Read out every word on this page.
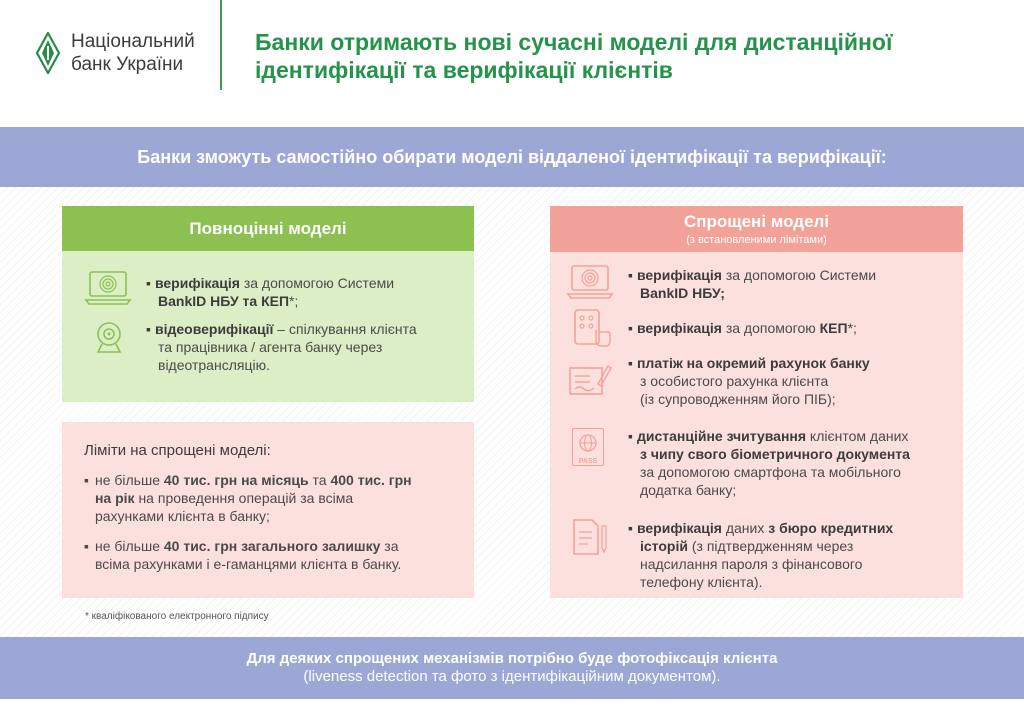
Національний
банк України
Банки отримають нові сучасні моделі для дистанційної
ідентифікації та верифікації клієнтів
Банки зможуть самостійно обирати моделі віддаленої ідентифікації та верифікації:
Повноцінні моделі
▪ верифікація за допомогою Системи
BankID НБУ та КЕП*;
▪ відеоверифікації – спілкування клієнта
та працівника / агента банку через
відеотрансляцію.
Ліміти на спрощені моделі:
▪ не більше 40 тис. грн на місяць та 400 тис. грн
на рік на проведення операцій за всіма
рахунками клієнта в банку;
▪ не більше 40 тис. грн загального залишку за
всіма рахунками і е-гаманцями клієнта в банку.
Спрощені моделі
(з встановленими лімітами)
▪ верифікація за допомогою Системи
BankID НБУ;
▪ верифікація за допомогою КЕП*;
▪ платіж на окремий рахунок банку
з особистого рахунка клієнта
(із супроводженням його ПІБ);
PASS
▪ дистанційне зчитування клієнтом даних
з чипу свого біометричного документа
за допомогою смартфона та мобільного
додатка банку;
▪ верифікація даних з бюро кредитних
історій (з підтвердженням через
надсилання пароля з фінансового
телефону клієнта).
* кваліфікованого електронного підпису
Для деяких спрощених механізмів потрібно буде фотофіксація клієнта
(liveness detection та фото з ідентифікаційним документом).
